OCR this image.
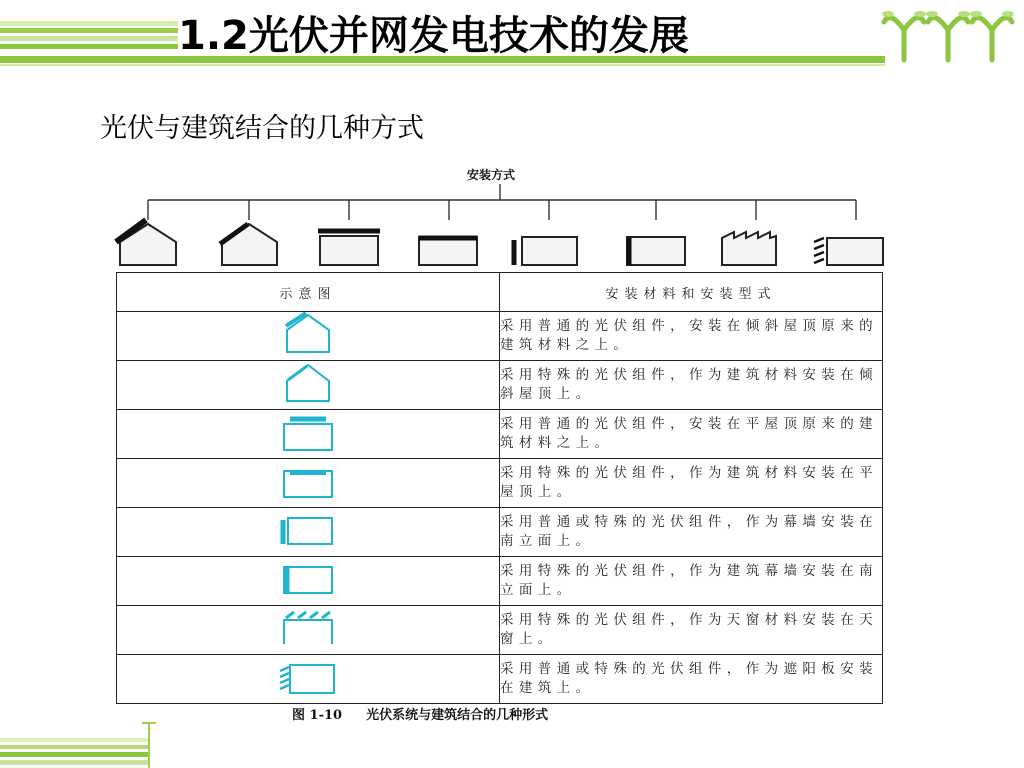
1.2光伏并网发电技术的发展
光伏与建筑结合的几种方式
安装方式
示意图	安装材料和安装型式
	采用普通的光伏组件，安装在倾斜屋顶原来的建筑材料之上。
	采用特殊的光伏组件，作为建筑材料安装在倾斜屋顶上。
	采用普通的光伏组件，安装在平屋顶原来的建筑材料之上。
	采用特殊的光伏组件，作为建筑材料安装在平屋顶上。
	采用普通或特殊的光伏组件，作为幕墙安装在南立面上。
	采用特殊的光伏组件，作为建筑幕墙安装在南立面上。
	采用特殊的光伏组件，作为天窗材料安装在天窗上。
	采用普通或特殊的光伏组件，作为遮阳板安装在建筑上。
图 1-10 光伏系统与建筑结合的几种形式
